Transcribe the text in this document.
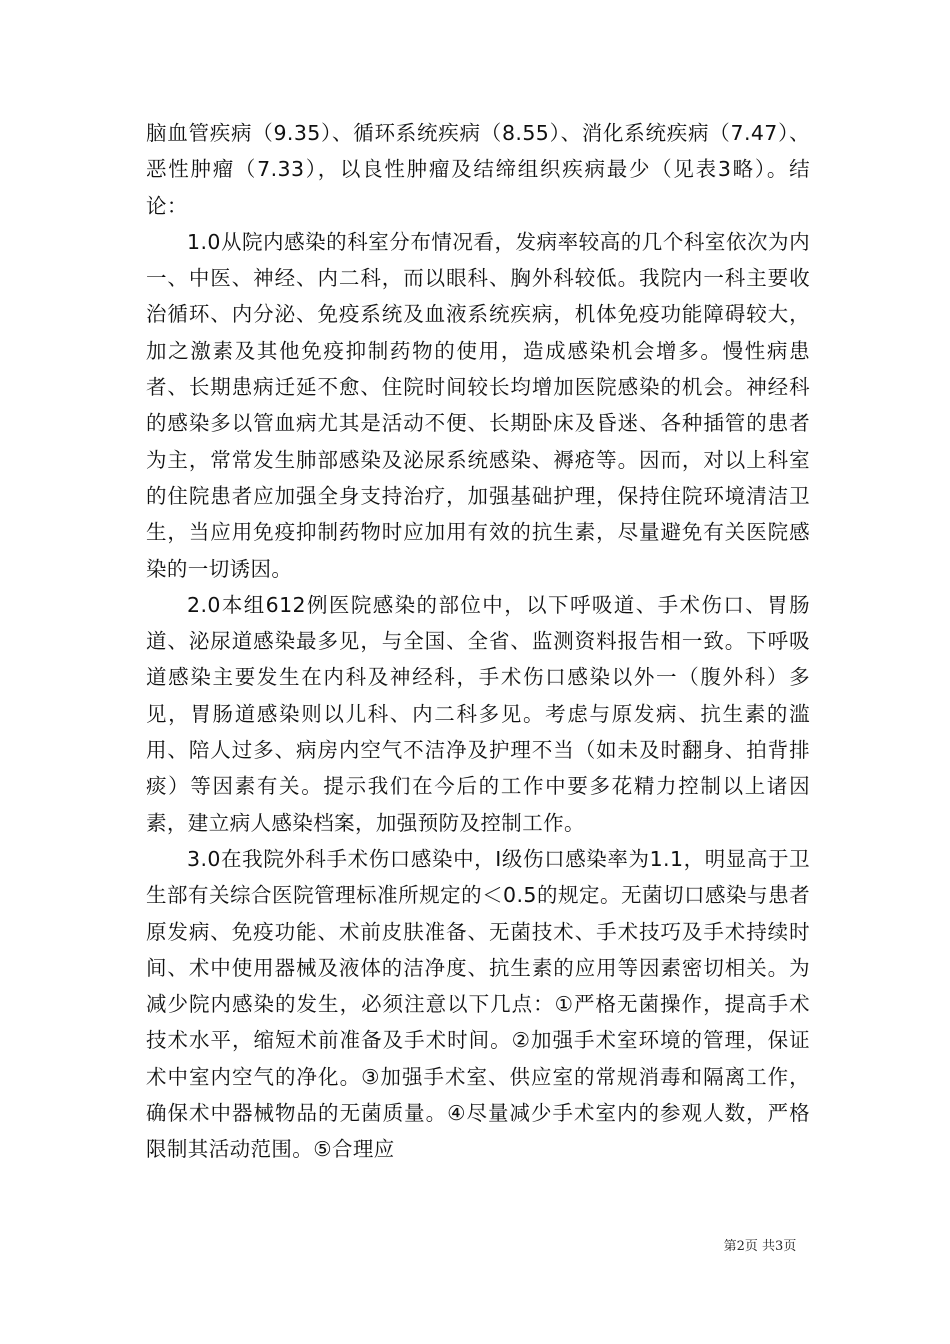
脑血管疾病（9.35）、循环系统疾病（8.55）、消化系统疾病（7.47）、恶性肿瘤（7.33），以良性肿瘤及结缔组织疾病最少（见表3略）。结论：

1.0从院内感染的科室分布情况看，发病率较高的几个科室依次为内一、中医、神经、内二科，而以眼科、胸外科较低。我院内一科主要收治循环、内分泌、免疫系统及血液系统疾病，机体免疫功能障碍较大，加之激素及其他免疫抑制药物的使用，造成感染机会增多。慢性病患者、长期患病迁延不愈、住院时间较长均增加医院感染的机会。神经科的感染多以管血病尤其是活动不便、长期卧床及昏迷、各种插管的患者为主，常常发生肺部感染及泌尿系统感染、褥疮等。因而，对以上科室的住院患者应加强全身支持治疗，加强基础护理，保持住院环境清洁卫生，当应用免疫抑制药物时应加用有效的抗生素，尽量避免有关医院感染的一切诱因。

2.0本组612例医院感染的部位中，以下呼吸道、手术伤口、胃肠道、泌尿道感染最多见，与全国、全省、监测资料报告相一致。下呼吸道感染主要发生在内科及神经科，手术伤口感染以外一（腹外科）多见，胃肠道感染则以儿科、内二科多见。考虑与原发病、抗生素的滥用、陪人过多、病房内空气不洁净及护理不当（如未及时翻身、拍背排痰）等因素有关。提示我们在今后的工作中要多花精力控制以上诸因素，建立病人感染档案，加强预防及控制工作。

3.0在我院外科手术伤口感染中，Ⅰ级伤口感染率为1.1，明显高于卫生部有关综合医院管理标准所规定的＜0.5的规定。无菌切口感染与患者原发病、免疫功能、术前皮肤准备、无菌技术、手术技巧及手术持续时间、术中使用器械及液体的洁净度、抗生素的应用等因素密切相关。为减少院内感染的发生，必须注意以下几点：①严格无菌操作，提高手术技术水平，缩短术前准备及手术时间。②加强手术室环境的管理，保证术中室内空气的净化。③加强手术室、供应室的常规消毒和隔离工作，确保术中器械物品的无菌质量。④尽量减少手术室内的参观人数，严格限制其活动范围。⑤合理应

第2页 共3页
